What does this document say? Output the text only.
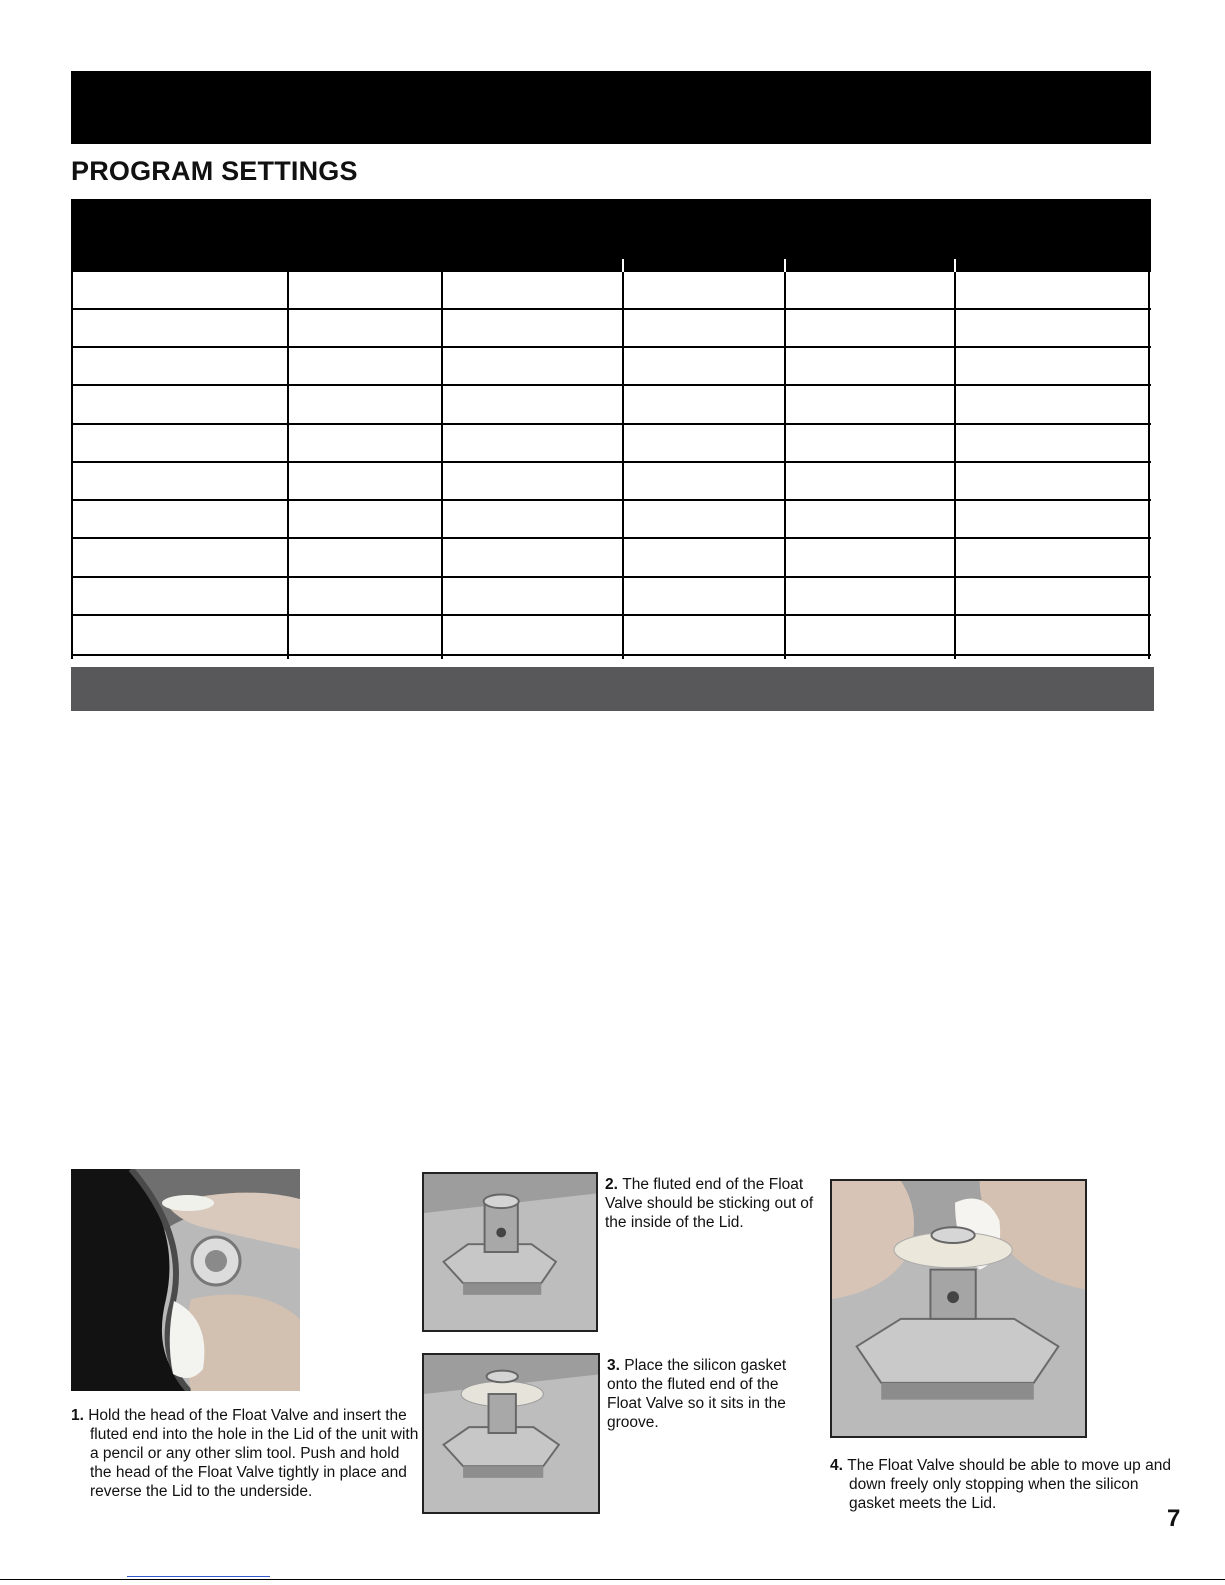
PROGRAM SETTINGS

1. Hold the head of the Float Valve and insert the fluted end into the hole in the Lid of the unit with a pencil or any other slim tool. Push and hold the head of the Float Valve tightly in place and reverse the Lid to the underside.

2. The fluted end of the Float Valve should be sticking out of the inside of the Lid.

3. Place the silicon gasket onto the fluted end of the Float Valve so it sits in the groove.

4. The Float Valve should be able to move up and down freely only stopping when the silicon gasket meets the Lid.

7
